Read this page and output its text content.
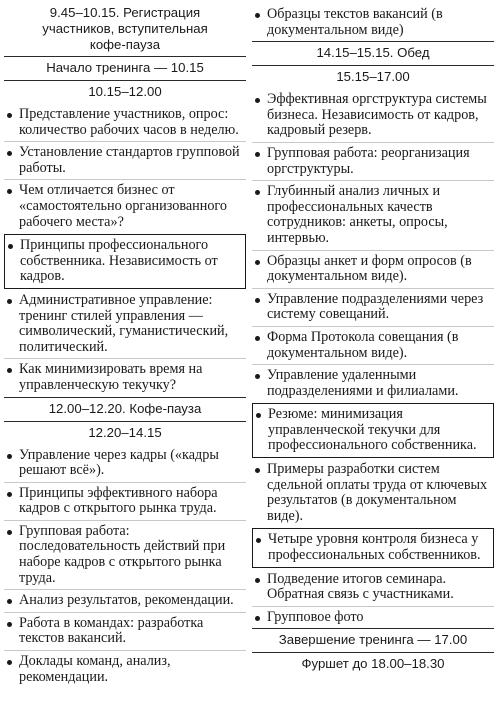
9.45–10.15. Регистрация участников, вступительная кофе-пауза
Начало тренинга — 10.15
10.15–12.00
Представление участников, опрос: количество рабочих часов в неделю.
Установление стандартов групповой работы.
Чем отличается бизнес от «самостоятельно организованного рабочего места»?
Принципы профессионального собственника. Независимость от кадров.
Административное управление: тренинг стилей управления — символический, гуманистический, политический.
Как минимизировать время на управленческую текучку?
12.00–12.20. Кофе-пауза
12.20–14.15
Управление через кадры («кадры решают всё»).
Принципы эффективного набора кадров с открытого рынка труда.
Групповая работа: последовательность действий при наборе кадров с открытого рынка труда.
Анализ результатов, рекомендации.
Работа в командах: разработка текстов вакансий.
Доклады команд, анализ, рекомендации.
Образцы текстов вакансий (в документальном виде)
14.15–15.15. Обед
15.15–17.00
Эффективная оргструктура системы бизнеса. Независимость от кадров, кадровый резерв.
Групповая работа: реорганизация оргструктуры.
Глубинный анализ личных и профессиональных качеств сотрудников: анкеты, опросы, интервью.
Образцы анкет и форм опросов (в документальном виде).
Управление подразделениями через систему совещаний.
Форма Протокола совещания (в документальном виде).
Управление удаленными подразделениями и филиалами.
Резюме: минимизация управленческой текучки для профессионального собственника.
Примеры разработки систем сдельной оплаты труда от ключевых результатов (в документальном виде).
Четыре уровня контроля бизнеса у профессиональных собственников.
Подведение итогов семинара. Обратная связь с участниками.
Групповое фото
Завершение тренинга — 17.00
Фуршет до 18.00–18.30
